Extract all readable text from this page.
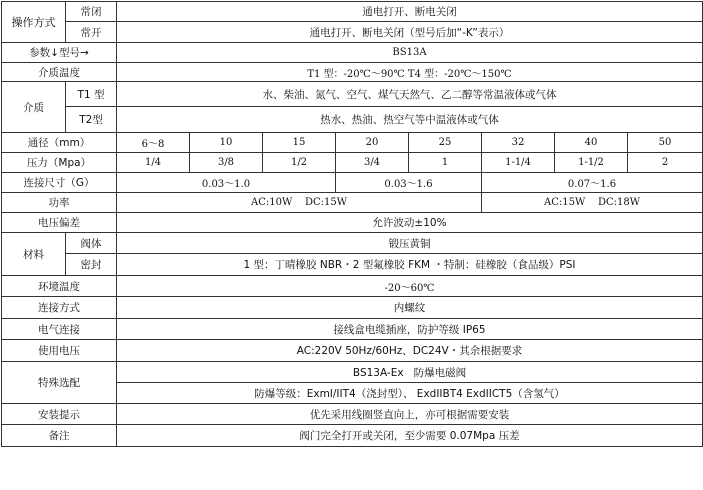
操作方式	常闭	通电打开、断电关闭							
	常开	通电打开、断电关闭（型号后加“-K”表示）							
参数↓型号→		BS13A							
介质温度		T1 型：-20℃～90℃ T4 型：-20℃～150℃							
介质	T1 型	水、柴油、氮气、空气、煤气天然气、乙二醇等常温液体或气体							
	T2型	热水、热油、热空气等中温液体或气体							
通径（mm）		6～8	10	15	20	25	32	40	50
压力（Mpa）		1/4	3/8	1/2	3/4	1	1-1/4	1-1/2	2
连接尺寸（G）		0.03～1.0			0.03～1.6		0.07～1.6		
功率		AC:10W    DC:15W					AC:15W    DC:18W		
电压偏差		允许波动±10%							
材料	阀体	锻压黄铜							
	密封	1 型：丁晴橡胶 NBR・2 型氟橡胶 FKM ・特制：硅橡胶（食品级）PSI							
环境温度		-20～60℃							
连接方式		内螺纹							
电气连接		接线盒电缆插座，防护等级 IP65							
使用电压		AC:220V 50Hz/60Hz、DC24V・其余根据要求							
特殊选配		BS13A-Ex   防爆电磁阀							
		防爆等级：ExmI/IIT4（浇封型）、 ExdIIBT4 ExdIICT5（含氢气）							
安装提示		优先采用线圈竖直向上，亦可根据需要安装							
备注		阀门完全打开或关闭，至少需要 0.07Mpa 压差							
